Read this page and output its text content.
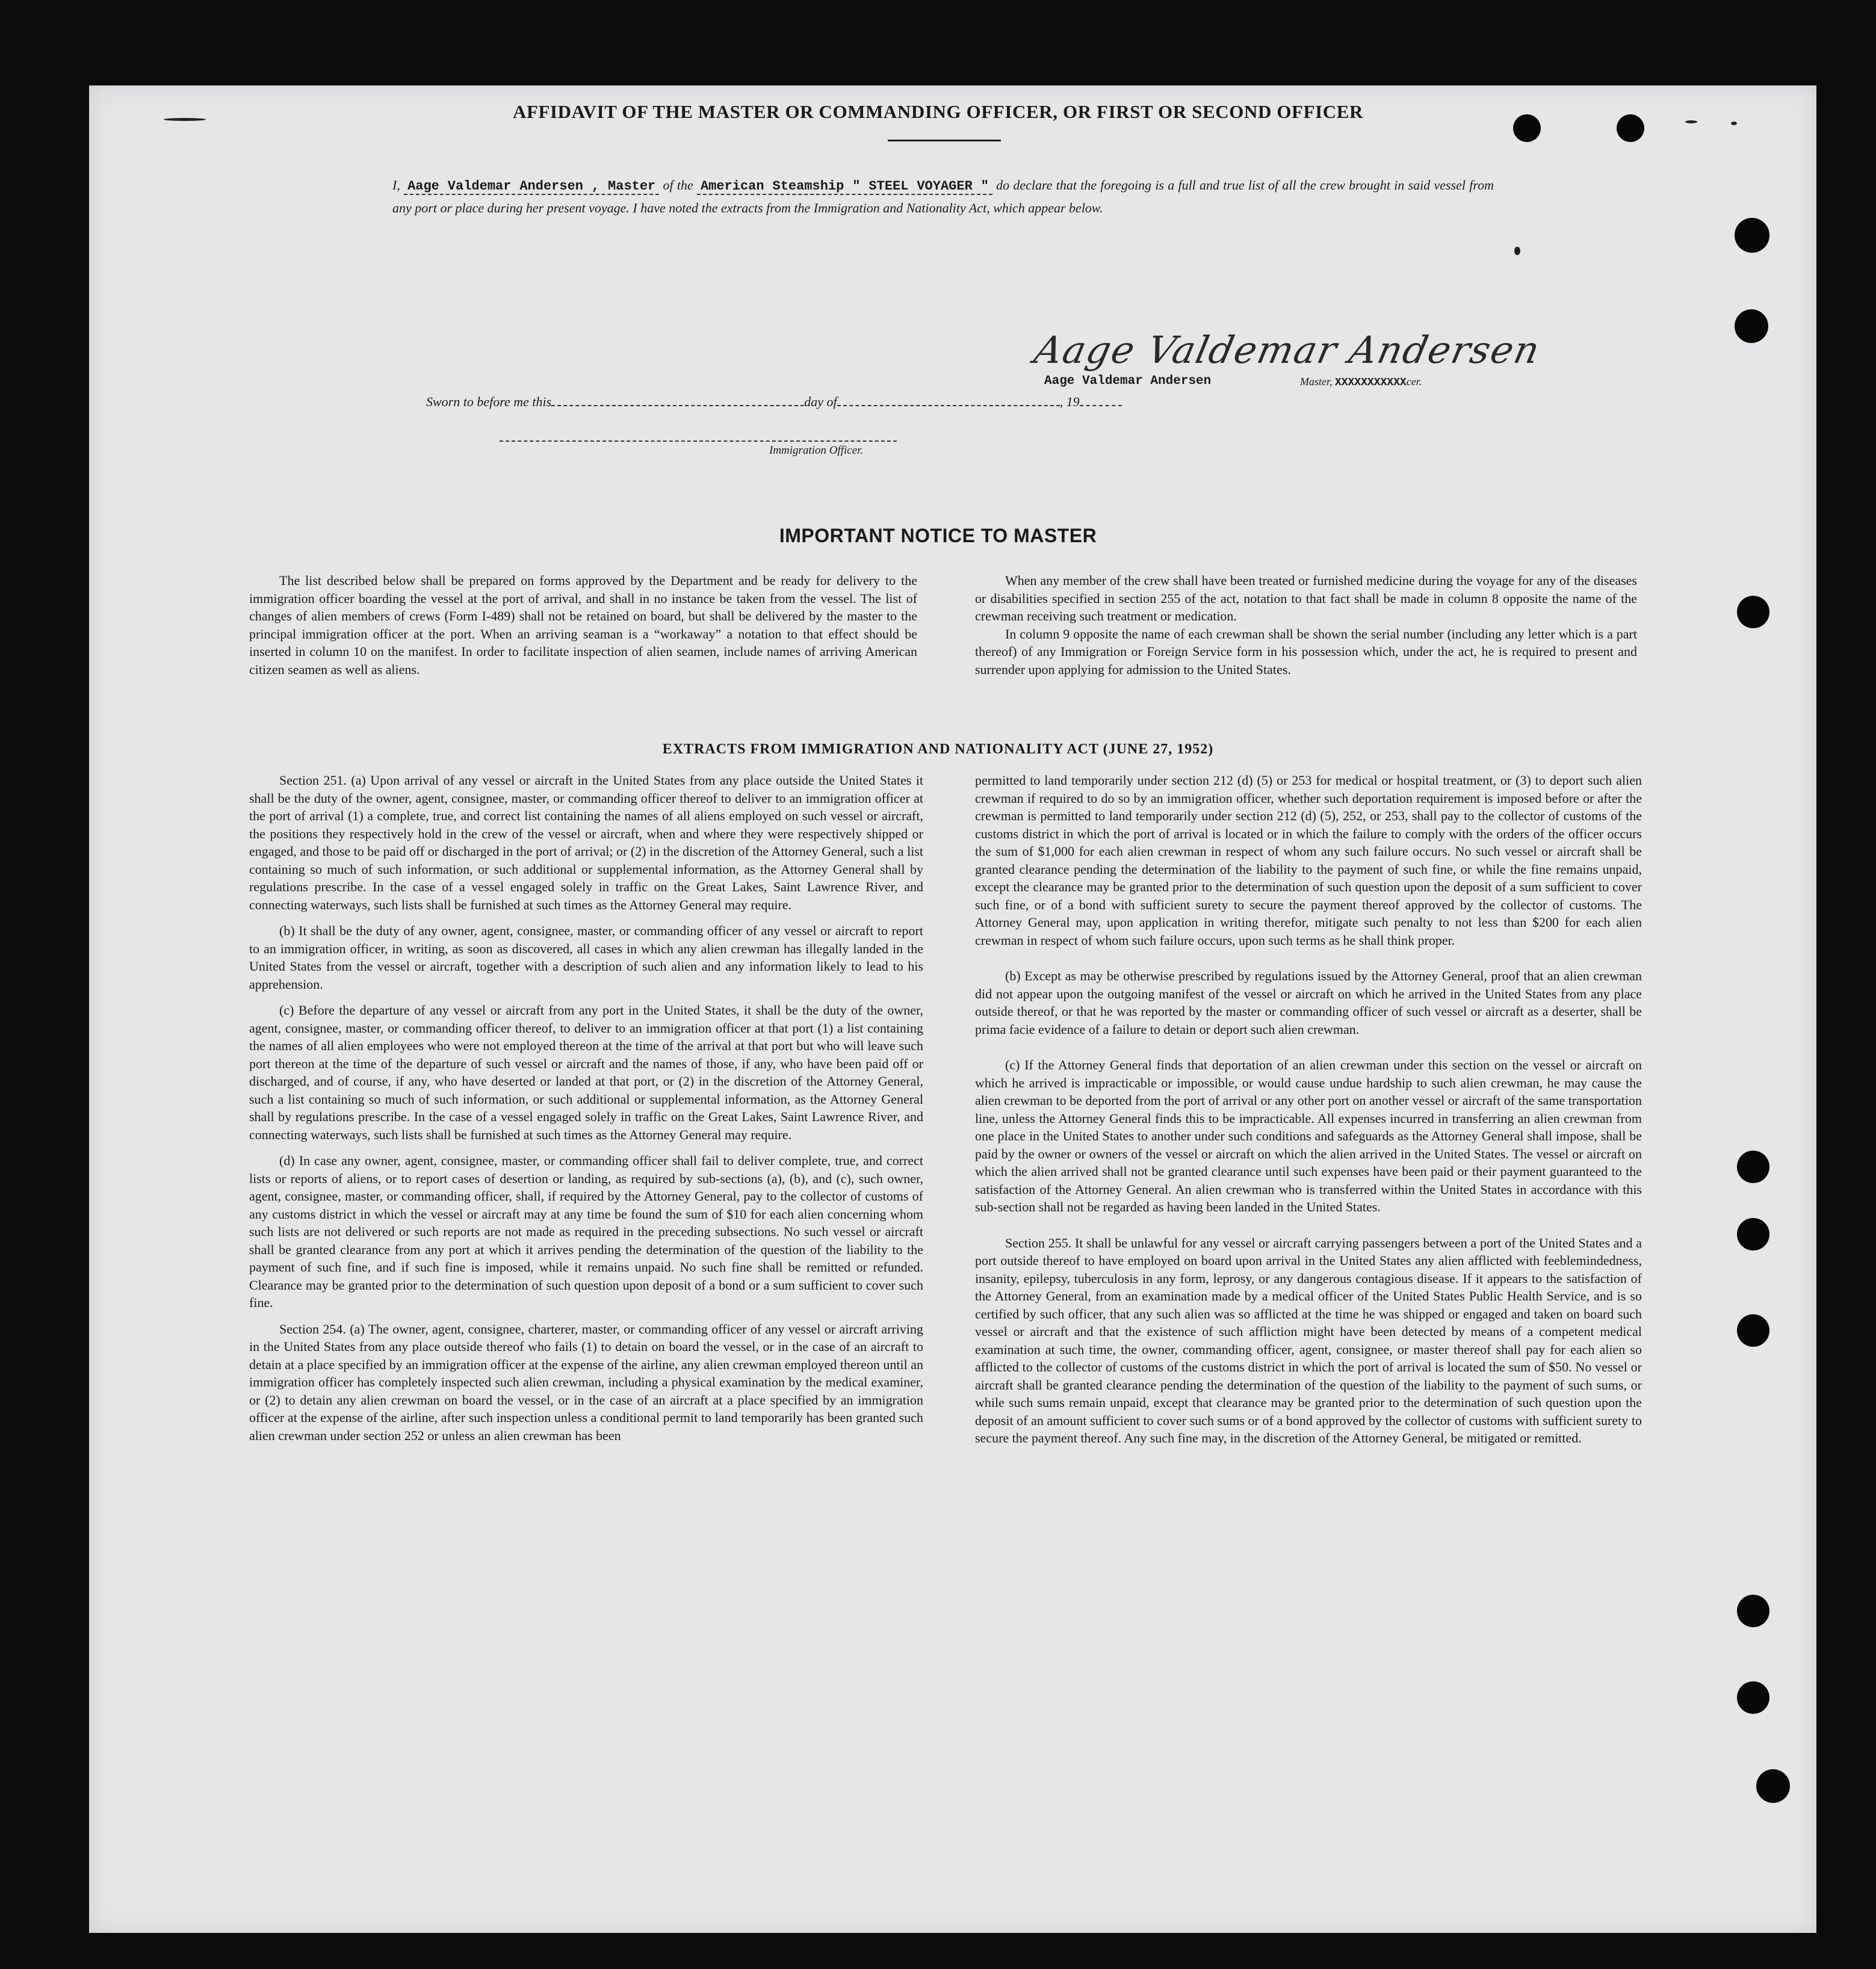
AFFIDAVIT OF THE MASTER OR COMMANDING OFFICER, OR FIRST OR SECOND OFFICER
I, Aage Valdemar Andersen , Master of the American Steamship " STEEL VOYAGER " do declare that the foregoing is a full and true list of all the crew brought in said vessel from any port or place during her present voyage. I have noted the extracts from the Immigration and Nationality Act, which appear below.
Aage Valdemar Andersen
Aage Valdemar Andersen	Master, XXXXXXXXXXXcer.
Sworn to before me this	day of	, 19
Immigration Officer.
IMPORTANT NOTICE TO MASTER

The list described below shall be prepared on forms approved by the Department and be ready for delivery to the immigration officer boarding the vessel at the port of arrival, and shall in no instance be taken from the vessel. The list of changes of alien members of crews (Form I-489) shall not be retained on board, but shall be delivered by the master to the principal immigration officer at the port. When an arriving seaman is a “workaway” a notation to that effect should be inserted in column 10 on the manifest. In order to facilitate inspection of alien seamen, include names of arriving American citizen seamen as well as aliens.

When any member of the crew shall have been treated or furnished medicine during the voyage for any of the diseases or disabilities specified in section 255 of the act, notation to that fact shall be made in column 8 opposite the name of the crewman receiving such treatment or medication.

In column 9 opposite the name of each crewman shall be shown the serial number (including any letter which is a part thereof) of any Immigration or Foreign Service form in his possession which, under the act, he is required to present and surrender upon applying for admission to the United States.

EXTRACTS FROM IMMIGRATION AND NATIONALITY ACT (JUNE 27, 1952)

Section 251. (a) Upon arrival of any vessel or aircraft in the United States from any place outside the United States it shall be the duty of the owner, agent, consignee, master, or commanding officer thereof to deliver to an immigration officer at the port of arrival (1) a complete, true, and correct list containing the names of all aliens employed on such vessel or aircraft, the positions they respectively hold in the crew of the vessel or aircraft, when and where they were respectively shipped or engaged, and those to be paid off or discharged in the port of arrival; or (2) in the discretion of the Attorney General, such a list containing so much of such information, or such additional or supplemental information, as the Attorney General shall by regulations prescribe. In the case of a vessel engaged solely in traffic on the Great Lakes, Saint Lawrence River, and connecting waterways, such lists shall be furnished at such times as the Attorney General may require.

(b) It shall be the duty of any owner, agent, consignee, master, or commanding officer of any vessel or aircraft to report to an immigration officer, in writing, as soon as discovered, all cases in which any alien crewman has illegally landed in the United States from the vessel or aircraft, together with a description of such alien and any information likely to lead to his apprehension.

(c) Before the departure of any vessel or aircraft from any port in the United States, it shall be the duty of the owner, agent, consignee, master, or commanding officer thereof, to deliver to an immigration officer at that port (1) a list containing the names of all alien employees who were not employed thereon at the time of the arrival at that port but who will leave such port thereon at the time of the departure of such vessel or aircraft and the names of those, if any, who have been paid off or discharged, and of course, if any, who have deserted or landed at that port, or (2) in the discretion of the Attorney General, such a list containing so much of such information, or such additional or supplemental information, as the Attorney General shall by regulations prescribe. In the case of a vessel engaged solely in traffic on the Great Lakes, Saint Lawrence River, and connecting waterways, such lists shall be furnished at such times as the Attorney General may require.

(d) In case any owner, agent, consignee, master, or commanding officer shall fail to deliver complete, true, and correct lists or reports of aliens, or to report cases of desertion or landing, as required by sub-sections (a), (b), and (c), such owner, agent, consignee, master, or commanding officer, shall, if required by the Attorney General, pay to the collector of customs of any customs district in which the vessel or aircraft may at any time be found the sum of $10 for each alien concerning whom such lists are not delivered or such reports are not made as required in the preceding subsections. No such vessel or aircraft shall be granted clearance from any port at which it arrives pending the determination of the question of the liability to the payment of such fine, and if such fine is imposed, while it remains unpaid. No such fine shall be remitted or refunded. Clearance may be granted prior to the determination of such question upon deposit of a bond or a sum sufficient to cover such fine.

Section 254. (a) The owner, agent, consignee, charterer, master, or commanding officer of any vessel or aircraft arriving in the United States from any place outside thereof who fails (1) to detain on board the vessel, or in the case of an aircraft to detain at a place specified by an immigration officer at the expense of the airline, any alien crewman employed thereon until an immigration officer has completely inspected such alien crewman, including a physical examination by the medical examiner, or (2) to detain any alien crewman on board the vessel, or in the case of an aircraft at a place specified by an immigration officer at the expense of the airline, after such inspection unless a conditional permit to land temporarily has been granted such alien crewman under section 252 or unless an alien crewman has been

permitted to land temporarily under section 212 (d) (5) or 253 for medical or hospital treatment, or (3) to deport such alien crewman if required to do so by an immigration officer, whether such deportation requirement is imposed before or after the crewman is permitted to land temporarily under section 212 (d) (5), 252, or 253, shall pay to the collector of customs of the customs district in which the port of arrival is located or in which the failure to comply with the orders of the officer occurs the sum of $1,000 for each alien crewman in respect of whom any such failure occurs. No such vessel or aircraft shall be granted clearance pending the determination of the liability to the payment of such fine, or while the fine remains unpaid, except the clearance may be granted prior to the determination of such question upon the deposit of a sum sufficient to cover such fine, or of a bond with sufficient surety to secure the payment thereof approved by the collector of customs. The Attorney General may, upon application in writing therefor, mitigate such penalty to not less than $200 for each alien crewman in respect of whom such failure occurs, upon such terms as he shall think proper.

(b) Except as may be otherwise prescribed by regulations issued by the Attorney General, proof that an alien crewman did not appear upon the outgoing manifest of the vessel or aircraft on which he arrived in the United States from any place outside thereof, or that he was reported by the master or commanding officer of such vessel or aircraft as a deserter, shall be prima facie evidence of a failure to detain or deport such alien crewman.

(c) If the Attorney General finds that deportation of an alien crewman under this section on the vessel or aircraft on which he arrived is impracticable or impossible, or would cause undue hardship to such alien crewman, he may cause the alien crewman to be deported from the port of arrival or any other port on another vessel or aircraft of the same transportation line, unless the Attorney General finds this to be impracticable. All expenses incurred in transferring an alien crewman from one place in the United States to another under such conditions and safeguards as the Attorney General shall impose, shall be paid by the owner or owners of the vessel or aircraft on which the alien arrived in the United States. The vessel or aircraft on which the alien arrived shall not be granted clearance until such expenses have been paid or their payment guaranteed to the satisfaction of the Attorney General. An alien crewman who is transferred within the United States in accordance with this sub-section shall not be regarded as having been landed in the United States.

Section 255. It shall be unlawful for any vessel or aircraft carrying passengers between a port of the United States and a port outside thereof to have employed on board upon arrival in the United States any alien afflicted with feeblemindedness, insanity, epilepsy, tuberculosis in any form, leprosy, or any dangerous contagious disease. If it appears to the satisfaction of the Attorney General, from an examination made by a medical officer of the United States Public Health Service, and is so certified by such officer, that any such alien was so afflicted at the time he was shipped or engaged and taken on board such vessel or aircraft and that the existence of such affliction might have been detected by means of a competent medical examination at such time, the owner, commanding officer, agent, consignee, or master thereof shall pay for each alien so afflicted to the collector of customs of the customs district in which the port of arrival is located the sum of $50. No vessel or aircraft shall be granted clearance pending the determination of the question of the liability to the payment of such sums, or while such sums remain unpaid, except that clearance may be granted prior to the determination of such question upon the deposit of an amount sufficient to cover such sums or of a bond approved by the collector of customs with sufficient surety to secure the payment thereof. Any such fine may, in the discretion of the Attorney General, be mitigated or remitted.
